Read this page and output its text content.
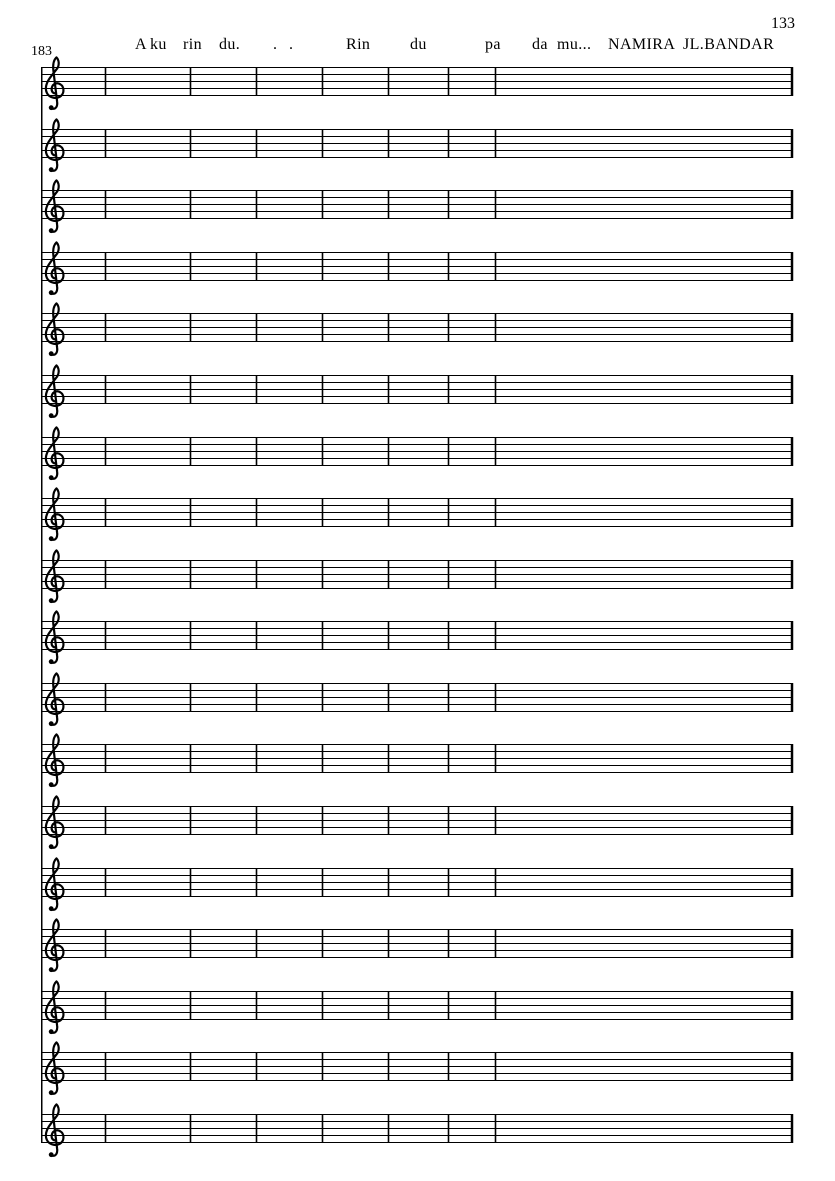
133
183	A ku rin du. . .	Rin du	pa da mu... NAMIRA JL.BANDAR
